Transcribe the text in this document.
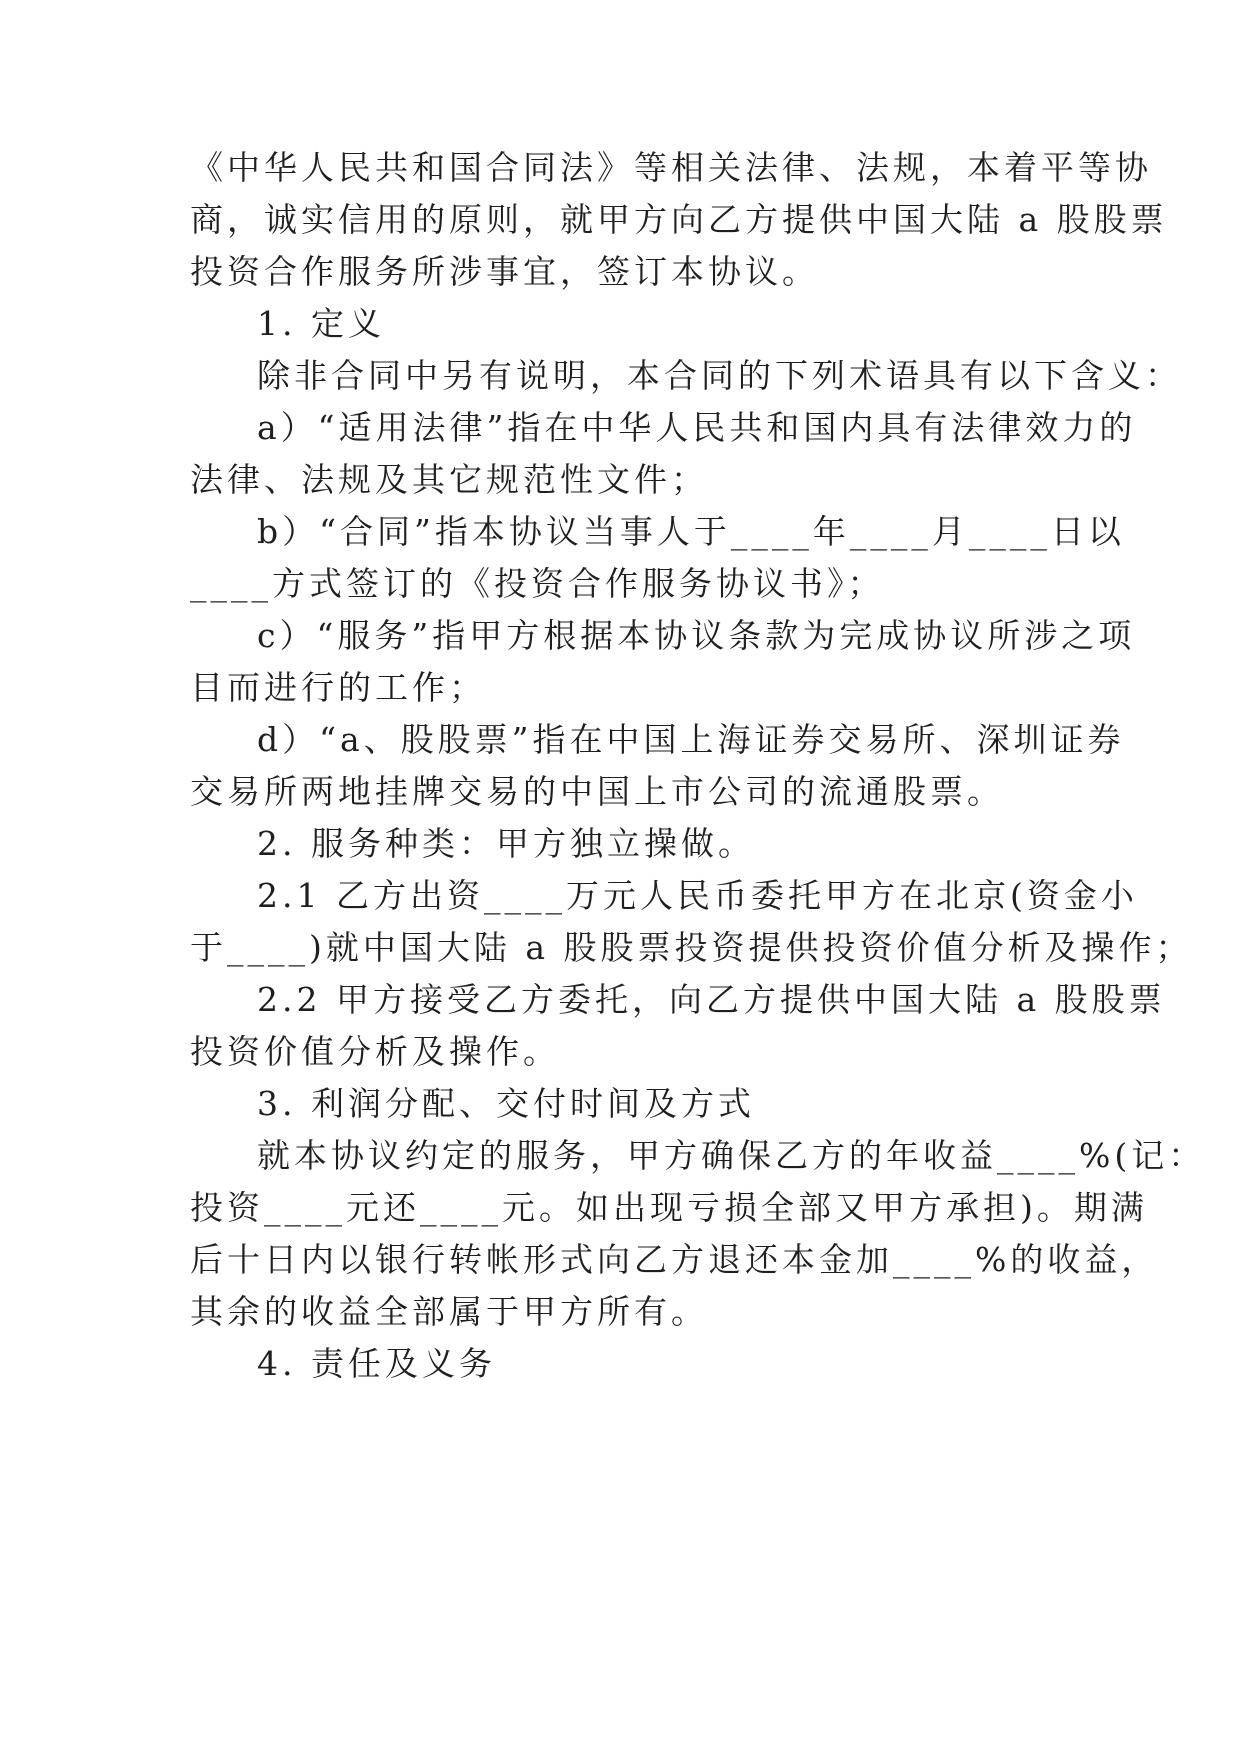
《中华人民共和国合同法》等相关法律、法规，本着平等协
商，诚实信用的原则，就甲方向乙方提供中国大陆 a 股股票
投资合作服务所涉事宜，签订本协议。
1. 定义
除非合同中另有说明，本合同的下列术语具有以下含义：
a）“适用法律”指在中华人民共和国内具有法律效力的
法律、法规及其它规范性文件；
b）“合同”指本协议当事人于____年____月____日以
____方式签订的《投资合作服务协议书》；
c）“服务”指甲方根据本协议条款为完成协议所涉之项
目而进行的工作；
d）“a、股股票”指在中国上海证券交易所、深圳证券
交易所两地挂牌交易的中国上市公司的流通股票。
2. 服务种类：甲方独立操做。
2.1 乙方出资____万元人民币委托甲方在北京(资金小
于____)就中国大陆 a 股股票投资提供投资价值分析及操作；
2.2 甲方接受乙方委托，向乙方提供中国大陆 a 股股票
投资价值分析及操作。
3. 利润分配、交付时间及方式
就本协议约定的服务，甲方确保乙方的年收益____%(记：
投资____元还____元。如出现亏损全部又甲方承担)。期满
后十日内以银行转帐形式向乙方退还本金加____%的收益，
其余的收益全部属于甲方所有。
4. 责任及义务
